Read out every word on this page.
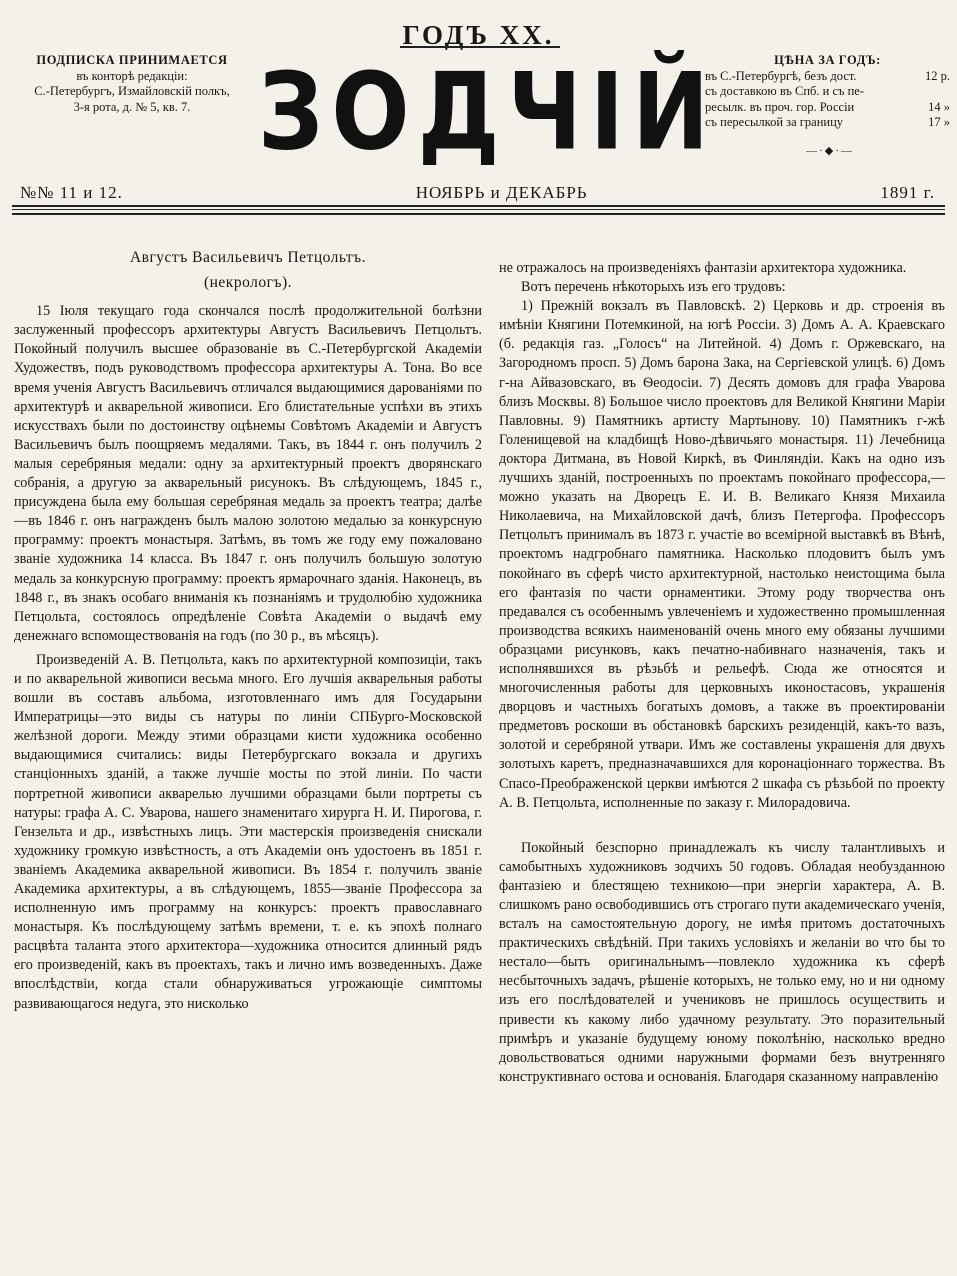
ГОДЪ XX.
ПОДПИСКА ПРИНИМАЕТСЯ
въ конторѣ редакціи:
С.-Петербургъ, Измайловскій полкъ,
3-я рота, д. № 5, кв. 7. ЗОДЧІЙ	ЦѢНА ЗА ГОДЪ:
въ С.-Петербургѣ, безъ дост.	12 р.
съ доставкою въ Спб. и съ пе-
ресылк. въ проч. гор. Россіи	14 »
съ пересылкой за границу	17 »
—·◆·—
№№ 11 и 12.	НОЯБРЬ и ДЕКАБРЬ	1891 г.

Августъ Васильевичъ Петцольтъ.

(некрологъ).

15 Іюля текущаго года скончался послѣ продолжительной болѣзни заслуженный профессоръ архитектуры Августъ Васильевичъ Петцольтъ. Покойный получилъ высшее образованіе въ С.-Петербургской Академіи Художествъ, подъ руководствомъ профессора архитектуры А. Тона. Во все время ученія Августъ Васильевичъ отличался выдающимися дарованіями по архитектурѣ и акварельной живописи. Его блистательные успѣхи въ этихъ искусствахъ были по достоинству оцѣнемы Совѣтомъ Академіи и Августъ Васильевичъ былъ поощряемъ медалями. Такъ, въ 1844 г. онъ получилъ 2 малыя серебряныя медали: одну за архитектурный проектъ дворянскаго собранія, а другую за акварельный рисунокъ. Въ слѣдующемъ, 1845 г., присуждена была ему большая серебряная медаль за проектъ театра; далѣе—въ 1846 г. онъ награжденъ былъ малою золотою медалью за конкурсную программу: проектъ монастыря. Затѣмъ, въ томъ же году ему пожаловано званіе художника 14 класса. Въ 1847 г. онъ получилъ большую золотую медаль за конкурсную программу: проектъ ярмарочнаго зданія. Наконецъ, въ 1848 г., въ знакъ особаго вниманія къ познаніямъ и трудолюбію художника Петцольта, состоялось опредѣленіе Совѣта Академіи о выдачѣ ему денежнаго вспомоществованія на годъ (по 30 р., въ мѣсяцъ).

Произведеній А. В. Петцольта, какъ по архитектурной композиціи, такъ и по акварельной живописи весьма много. Его лучшія акварельныя работы вошли въ составъ альбома, изготовленнаго имъ для Государыни Императрицы—это виды съ натуры по линіи СПБурго-Московской желѣзной дороги. Между этими образцами кисти художника особенно выдающимися считались: виды Петербургскаго вокзала и другихъ станціонныхъ зданій, а также лучшіе мосты по этой линіи. По части портретной живописи акварелью лучшими образцами были портреты съ натуры: графа А. С. Уварова, нашего знаменитаго хирурга Н. И. Пирогова, г. Гензельта и др., извѣстныхъ лицъ. Эти мастерскія произведенія снискали художнику громкую извѣстность, а отъ Академіи онъ удостоенъ въ 1851 г. званіемъ Академика акварельной живописи. Въ 1854 г. получилъ званіе Академика архитектуры, а въ слѣдующемъ, 1855—званіе Профессора за исполненную имъ программу на конкурсъ: проектъ православнаго монастыря. Къ послѣдующему затѣмъ времени, т. е. къ эпохѣ полнаго расцвѣта таланта этого архитектора—художника относится длинный рядъ его произведеній, какъ въ проектахъ, такъ и лично имъ возведенныхъ. Даже впослѣдствіи, когда стали обнаруживаться угрожающіе симптомы развивающагося недуга, это нисколько

не отражалось на произведеніяхъ фантазіи архитектора художника.

Вотъ перечень нѣкоторыхъ изъ его трудовъ:

1) Прежній вокзалъ въ Павловскѣ. 2) Церковь и др. строенія въ имѣніи Княгини Потемкиной, на югѣ Россіи. 3) Домъ А. А. Краевскаго (б. редакція газ. „Голосъ“ на Литейной. 4) Домъ г. Оржевскаго, на Загородномъ просп. 5) Домъ барона Зака, на Сергіевской улицѣ. 6) Домъ г-на Айвазовскаго, въ Ѳеодосіи. 7) Десять домовъ для графа Уварова близъ Москвы. 8) Большое число проектовъ для Великой Княгини Маріи Павловны. 9) Памятникъ артисту Мартынову. 10) Памятникъ г-жѣ Голенищевой на кладбищѣ Ново-дѣвичьяго монастыря. 11) Лечебница доктора Дитмана, въ Новой Киркѣ, въ Финляндіи. Какъ на одно изъ лучшихъ зданій, построенныхъ по проектамъ покойнаго профессора,—можно указать на Дворецъ Е. И. В. Великаго Князя Михаила Николаевича, на Михайловской дачѣ, близъ Петергофа. Профессоръ Петцольтъ принималъ въ 1873 г. участіе во всемірной выставкѣ въ Вѣнѣ, проектомъ надгробнаго памятника. Насколько плодовитъ былъ умъ покойнаго въ сферѣ чисто архитектурной, настолько неистощима была его фантазія по части орнаментики. Этому роду творчества онъ предавался съ особеннымъ увлеченіемъ и художественно промышленная производства всякихъ наименованій очень много ему обязаны лучшими образцами рисунковъ, какъ печатно-набивнаго назначенія, такъ и исполнявшихся въ рѣзьбѣ и рельефѣ. Сюда же относятся и многочисленныя работы для церковныхъ иконостасовъ, украшенія дворцовъ и частныхъ богатыхъ домовъ, а также въ проектированіи предметовъ роскоши въ обстановкѣ барскихъ резиденцій, какъ-то вазъ, золотой и серебряной утвари. Имъ же составлены украшенія для двухъ золотыхъ каретъ, предназначавшихся для коронаціоннаго торжества. Въ Спасо-Преображенской церкви имѣются 2 шкафа съ рѣзьбой по проекту А. В. Петцольта, исполненные по заказу г. Милорадовича.

Покойный безспорно принадлежалъ къ числу талантливыхъ и самобытныхъ художниковъ зодчихъ 50 годовъ. Обладая необузданною фантазіею и блестящею техникою—при энергіи характера, А. В. слишкомъ рано освободившись отъ строгаго пути академическаго ученія, всталъ на самостоятельную дорогу, не имѣя притомъ достаточныхъ практическихъ свѣдѣній. При такихъ условіяхъ и желаніи во что бы то нестало—быть оригинальнымъ—повлекло художника къ сферѣ несбыточныхъ задачъ, рѣшеніе которыхъ, не только ему, но и ни одному изъ его послѣдователей и учениковъ не пришлось осуществить и привести къ какому либо удачному результату. Это поразительный примѣръ и указаніе будущему юному поколѣнію, насколько вредно довольствоваться одними наружными формами безъ внутренняго конструктивнаго остова и основанія. Благодаря сказанному направленію
